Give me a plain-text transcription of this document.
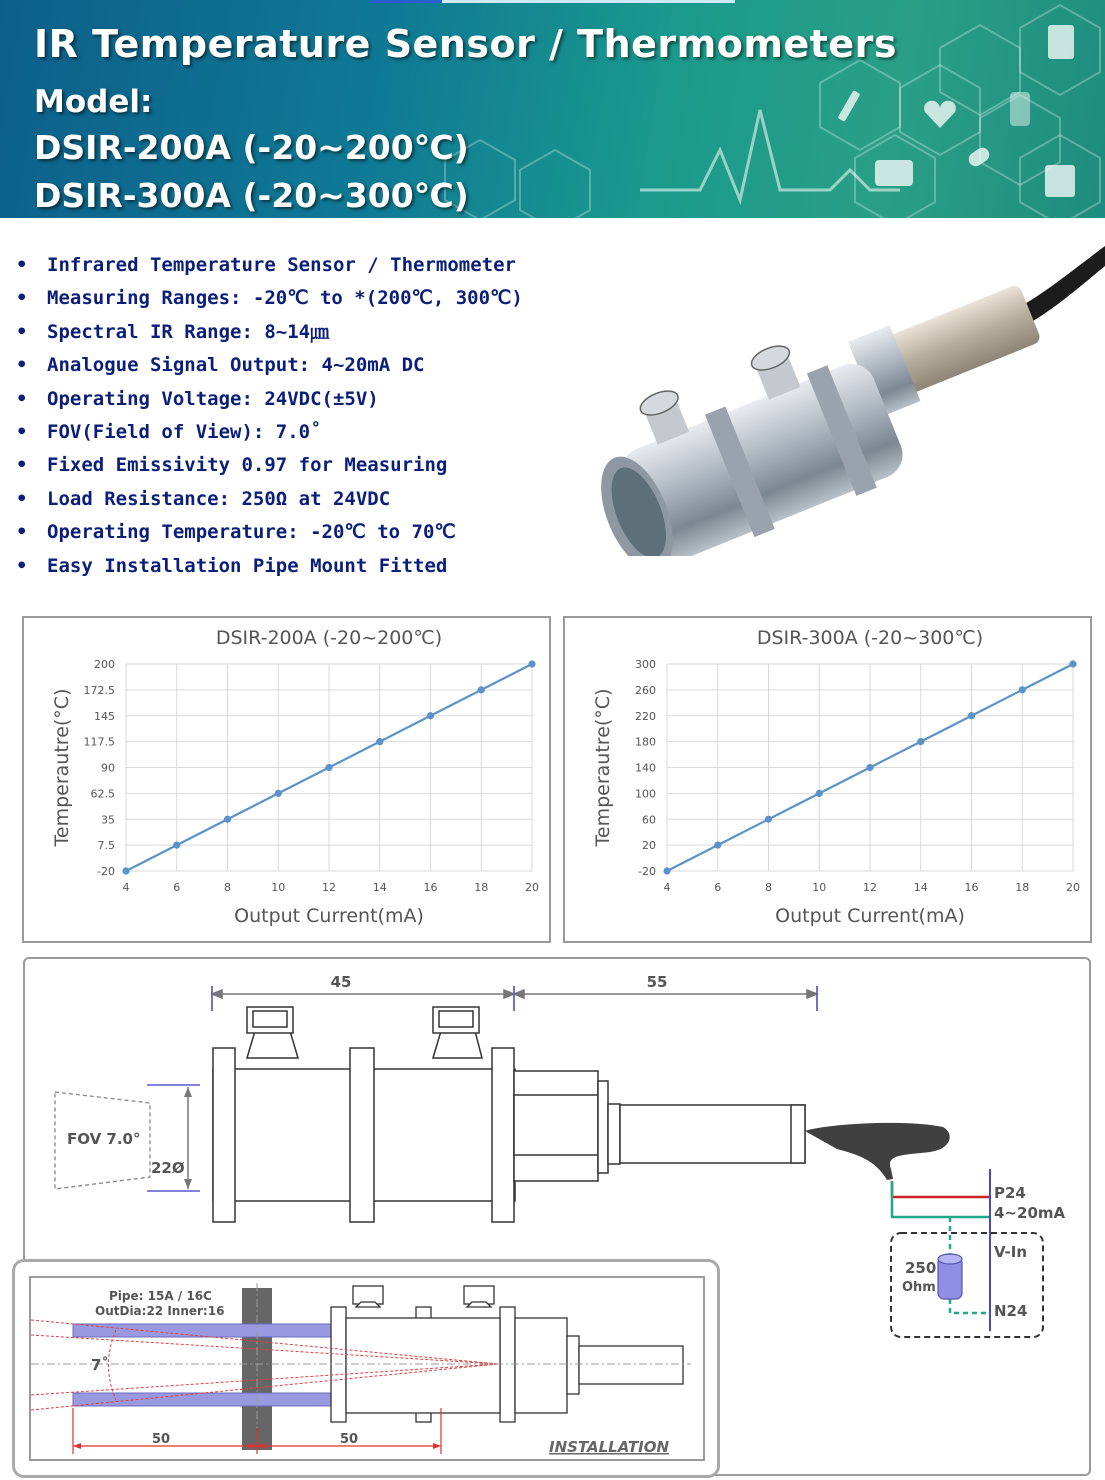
IR Temperature Sensor / Thermometers
Model:
DSIR-200A (-20~200℃)
DSIR-300A (-20~300℃)
• Infrared Temperature Sensor / Thermometer
• Measuring Ranges: -20℃ to *(200℃, 300℃)
• Spectral IR Range: 8~14㎛
• Analogue Signal Output: 4~20mA DC
• Operating Voltage: 24VDC(±5V)
• FOV(Field of View): 7.0˚
• Fixed Emissivity 0.97 for Measuring
• Load Resistance: 250Ω at 24VDC
• Operating Temperature: -20℃ to 70℃
• Easy Installation Pipe Mount Fitted
DSIR-200A (-20~200℃)
4	6	8	10	12	14	16	18	20
-20
7.5
35
62.5
90
117.5
145
172.5
200
Output Current(mA)
Temperautre(°C)
DSIR-300A (-20~300℃)
4	6	8	10	12	14	16	18	20
-20
20
60
100
140
180
220
260
300
Output Current(mA)
Temperautre(°C)
45	55
FOV 7.0°
22Ø
P24
4~20mA
V-In
N24
250
Ohm
Pipe: 15A / 16C
OutDia:22 Inner:16
7˚
50	50	INSTALLATION
